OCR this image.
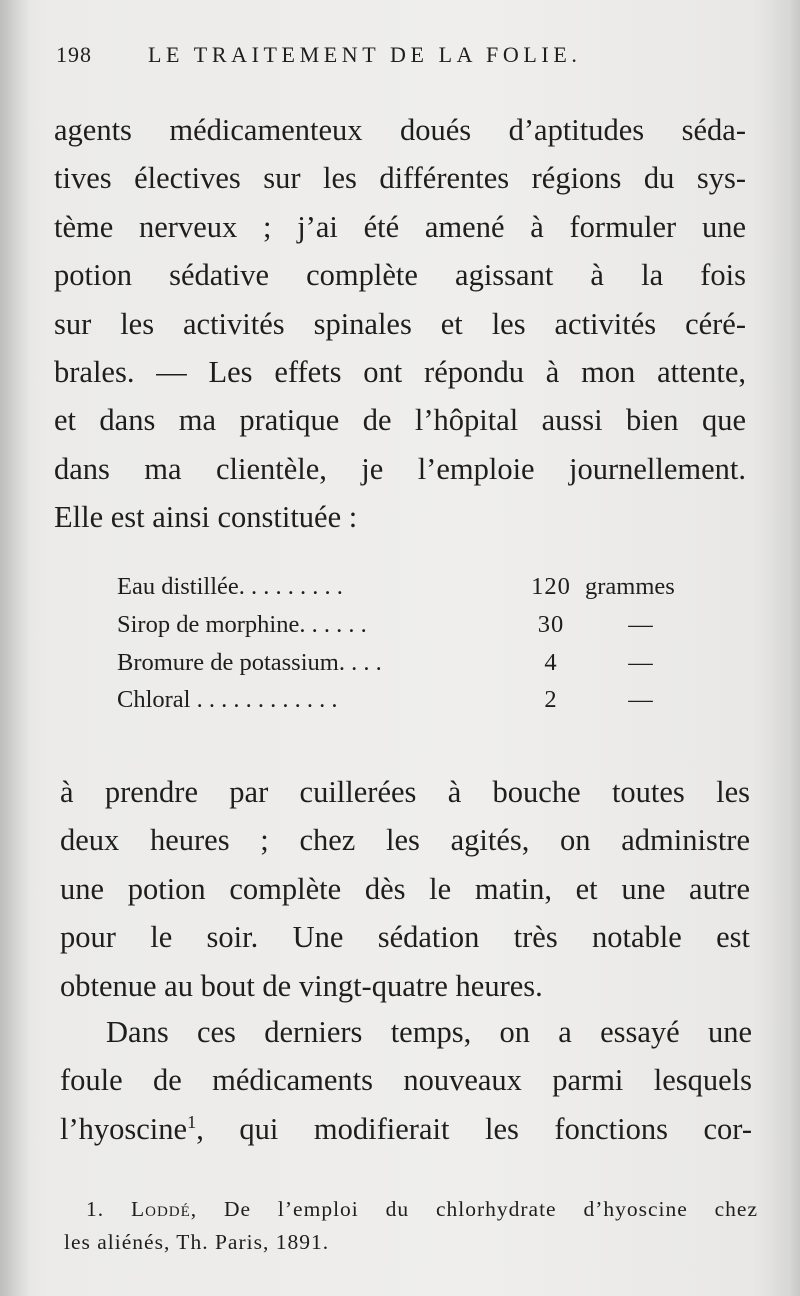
198	LE TRAITEMENT DE LA FOLIE.
agents médicamenteux doués d’aptitudes séda-
tives électives sur les différentes régions du sys-
tème nerveux ; j’ai été amené à formuler une
potion sédative complète agissant à la fois
sur les activités spinales et les activités céré-
brales. — Les effets ont répondu à mon attente,
et dans ma pratique de l’hôpital aussi bien que
dans ma clientèle, je l’emploie journellement.
Elle est ainsi constituée :
Eau distillée. . . . . . . . .	120 grammes
Sirop de morphine. . . . . .	30	—
Bromure de potassium. . . .	4	—
Chloral . . . . . . . . . . . .	2	—
à prendre par cuillerées à bouche toutes les
deux heures ; chez les agités, on administre
une potion complète dès le matin, et une autre
pour le soir. Une sédation très notable est
obtenue au bout de vingt-quatre heures.
Dans ces derniers temps, on a essayé une
foule de médicaments nouveaux parmi lesquels
l’hyoscine$^1$, qui modifierait les fonctions cor-
1. Loddé, De l’emploi du chlorhydrate d’hyoscine chez
les aliénés, Th. Paris, 1891.
